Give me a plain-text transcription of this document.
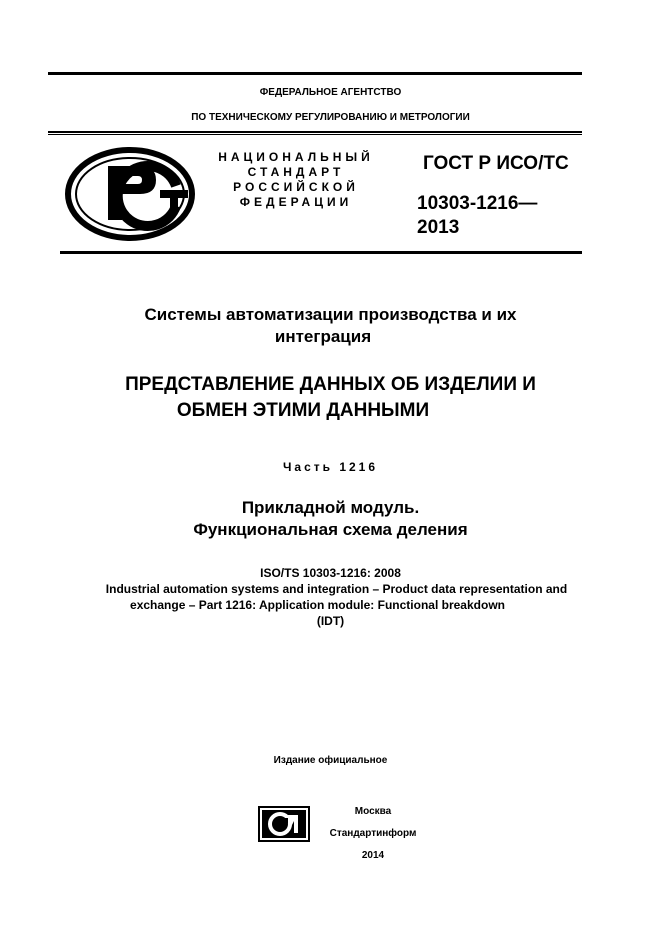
ФЕДЕРАЛЬНОЕ АГЕНТСТВО
ПО ТЕХНИЧЕСКОМУ РЕГУЛИРОВАНИЮ И МЕТРОЛОГИИ
НАЦИОНАЛЬНЫЙ
СТАНДАРТ
РОССИЙСКОЙ
ФЕДЕРАЦИИ
ГОСТ Р ИСО/ТС
10303-1216—
2013
Системы автоматизации производства и их
интеграция
ПРЕДСТАВЛЕНИЕ ДАННЫХ ОБ ИЗДЕЛИИ И
ОБМЕН ЭТИМИ ДАННЫМИ
Часть 1216
Прикладной модуль.
Функциональная схема деления
ISO/TS 10303-1216: 2008
Industrial automation systems and integration – Product data representation and
exchange – Part 1216: Application module: Functional breakdown
(IDT)
Издание официальное
Москва
Стандартинформ
2014
